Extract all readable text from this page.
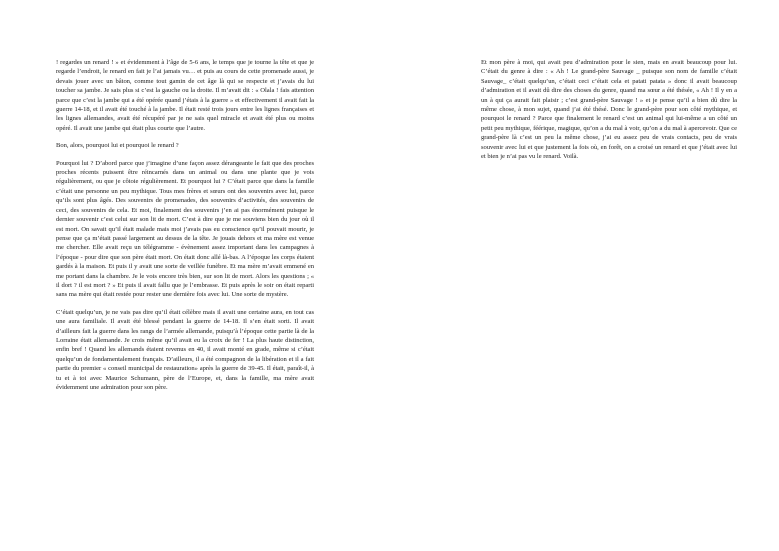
! regardes un renard ! » et évidemment à l’âge de 5-6 ans, le temps que je tourne la tête et que je regarde l’endroit, le renard en fait je l’ai jamais vu… et puis au cours de cette promenade aussi, je devais jouer avec un bâton, comme tout gamin de cet âge là qui se respecte et j’avais du lui toucher sa jambe. Je sais plus si c’est la gauche ou la droite. Il m’avait dit : « Olala ! fais attention parce que c’est la jambe qui a été opérée quand j’étais à la guerre » et effectivement il avait fait la guerre 14-18, et il avait été touché à la jambe. Il était resté trois jours entre les lignes françaises et les lignes allemandes, avait été récupéré par je ne sais quel miracle et avait été plus ou moins opéré. Il avait une jambe qui était plus courte que l’autre.

Bon, alors, pourquoi lui et pourquoi le renard ?

Pourquoi lui ? D’abord parce que j’imagine d’une façon assez dérangeante le fait que des proches proches récents puissent être réincarnés dans un animal ou dans une plante que je vois régulièrement, ou que je côtoie régulièrement. Et pourquoi lui ? C’était parce que dans la famille c’était une personne un peu mythique. Tous mes frères et sœurs ont des souvenirs avec lui, parce qu’ils sont plus âgés. Des souvenirs de promenades, des souvenirs d’activités, des souvenirs de ceci, des souvenirs de cela. Et moi, finalement des souvenirs j’en ai pas énormément puisque le dernier souvenir c’est celui sur son lit de mort. C’est à dire que je me souviens bien du jour où il est mort. On savait qu’il était malade mais moi j’avais pas eu conscience qu’il pouvait mourir, je pense que ça m’était passé largement au dessus de la tête. Je jouais dehors et ma mère est venue me chercher. Elle avait reçu un télégramme - évènement assez important dans les campagnes à l’époque - pour dire que son père était mort. On était donc allé là-bas. A l’époque les corps étaient gardés à la maison. Et puis il y avait une sorte de veillée funèbre. Et ma mère m’avait emmené en me portant dans la chambre. Je le vois encore très bien, sur son lit de mort. Alors les questions ; « il dort ? il est mort ? » Et puis il avait fallu que je l’embrasse. Et puis après le soir on était reparti sans ma mère qui était restée pour rester une dernière fois avec lui. Une sorte de mystère.

C’était quelqu’un, je ne vais pas dire qu’il était célèbre mais il avait une certaine aura, en tout cas une aura familiale. Il avait été blessé pendant la guerre de 14-18. Il s’en était sorti. Il avait d’ailleurs fait la guerre dans les rangs de l’armée allemande, puisqu’à l’époque cette partie là de la Lorraine était allemande. Je crois même qu’il avait eu la croix de fer ! La plus haute distinction, enfin bref ! Quand les allemands étaient revenus en 40, il avait monté en grade, même si c’était quelqu’un de fondamentalement français. D’ailleurs, il a été compagnon de la libération et il a fait partie du premier « conseil municipal de restauration» après la guerre de 39-45. Il était, paraît-il, à tu et à toi avec Maurice Schumann, père de l’Europe, et, dans la famille, ma mère avait évidemment une admiration pour son père.

Et mon père à moi, qui avait peu d’admiration pour le sien, mais en avait beaucoup pour lui. C’était du genre à dire : « Ah ! Le grand-père Sauvage _ puisque son nom de famille c’était Sauvage_ c’était quelqu’un, c’était ceci c’était cela et patati patata » donc il avait beaucoup d’admiration et il avait dû dire des choses du genre, quand ma sœur a été thésée, « Ah ! Il y en a un à qui ça aurait fait plaisir ; c’est grand-père Sauvage ! » et je pense qu’il a bien dû dire la même chose, à mon sujet, quand j’ai été thésé. Donc le grand-père pour son côté mythique, et pourquoi le renard ? Parce que finalement le renard c’est un animal qui lui-même a un côté un petit peu mythique, féérique, magique, qu’on a du mal à voir, qu’on a du mal à apercevoir. Que ce grand-père là c’est un peu la même chose, j’ai eu assez peu de vrais contacts, peu de vrais souvenir avec lui et que justement la fois où, en forêt, on a croisé un renard et que j’était avec lui et bien je n’ai pas vu le renard. Voilà.
